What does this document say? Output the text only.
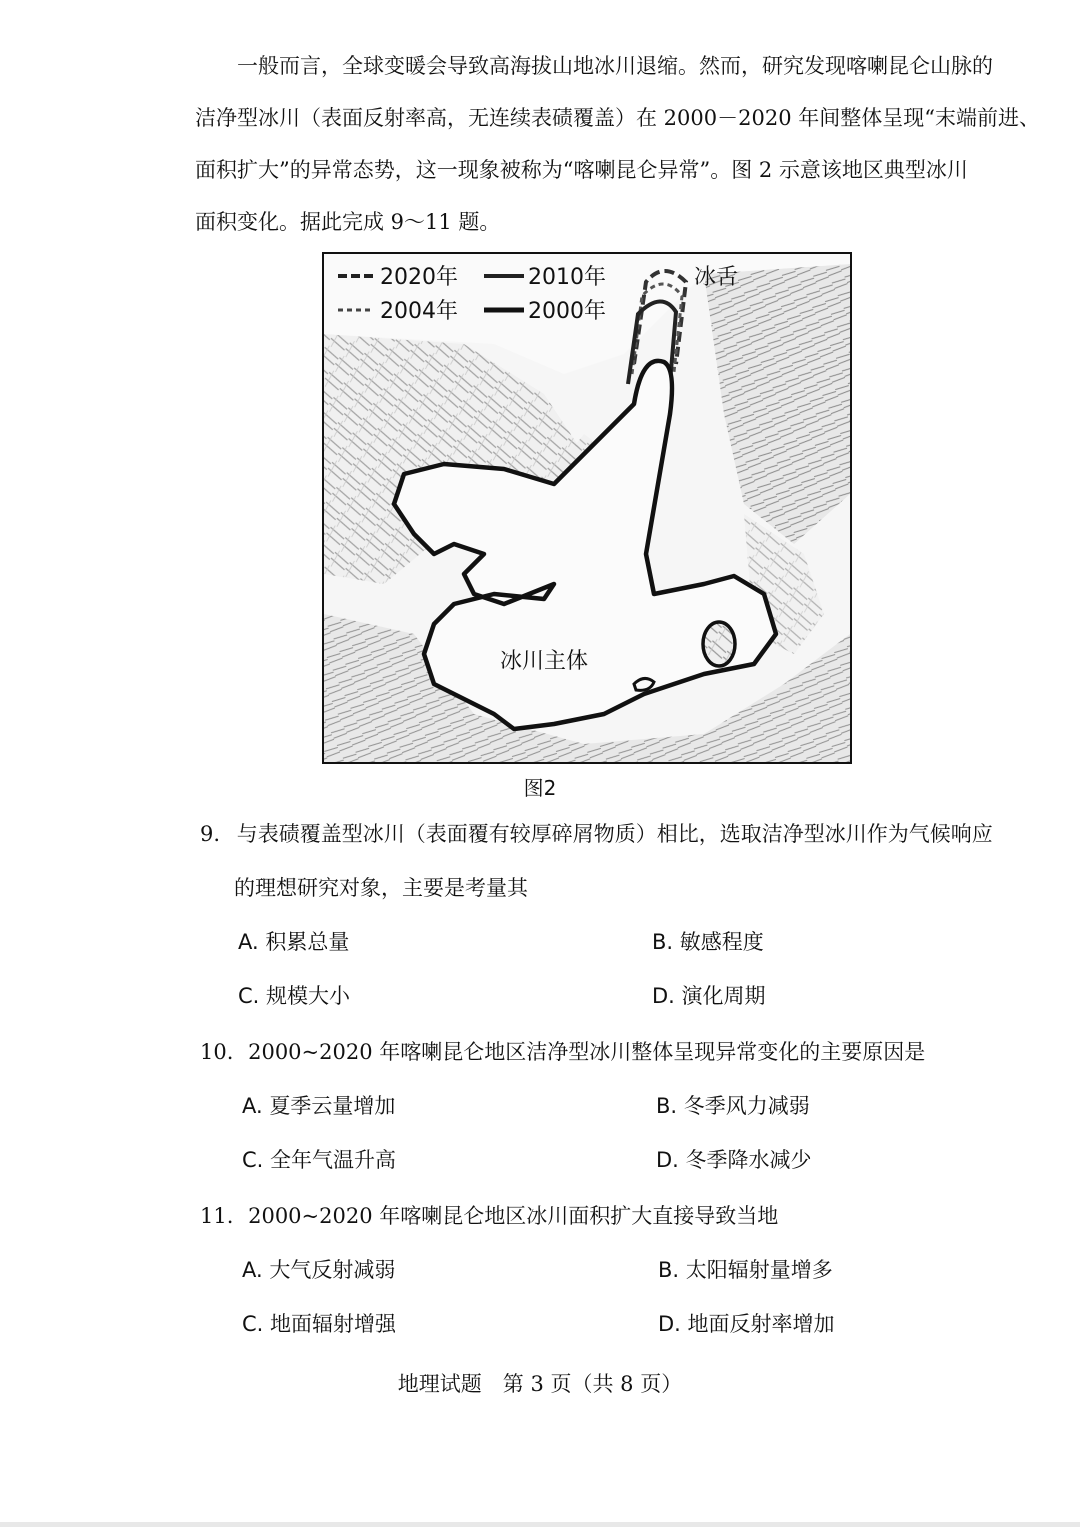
一般而言，全球变暖会导致高海拔山地冰川退缩。然而，研究发现喀喇昆仑山脉的
洁净型冰川（表面反射率高，无连续表碛覆盖）在 2000－2020 年间整体呈现“末端前进、
面积扩大”的异常态势，这一现象被称为“喀喇昆仑异常”。图 2 示意该地区典型冰川
面积变化。据此完成 9～11 题。
2020年	2010年
2004年	2000年
冰舌
冰川主体
图2
9. 与表碛覆盖型冰川（表面覆有较厚碎屑物质）相比，选取洁净型冰川作为气候响应
的理想研究对象，主要是考量其
A. 积累总量	B. 敏感程度
C. 规模大小	D. 演化周期
10. 2000~2020 年喀喇昆仑地区洁净型冰川整体呈现异常变化的主要原因是
A. 夏季云量增加	B. 冬季风力减弱
C. 全年气温升高	D. 冬季降水减少
11. 2000~2020 年喀喇昆仑地区冰川面积扩大直接导致当地
A. 大气反射减弱	B. 太阳辐射量增多
C. 地面辐射增强	D. 地面反射率增加
地理试题　第 3 页（共 8 页）
